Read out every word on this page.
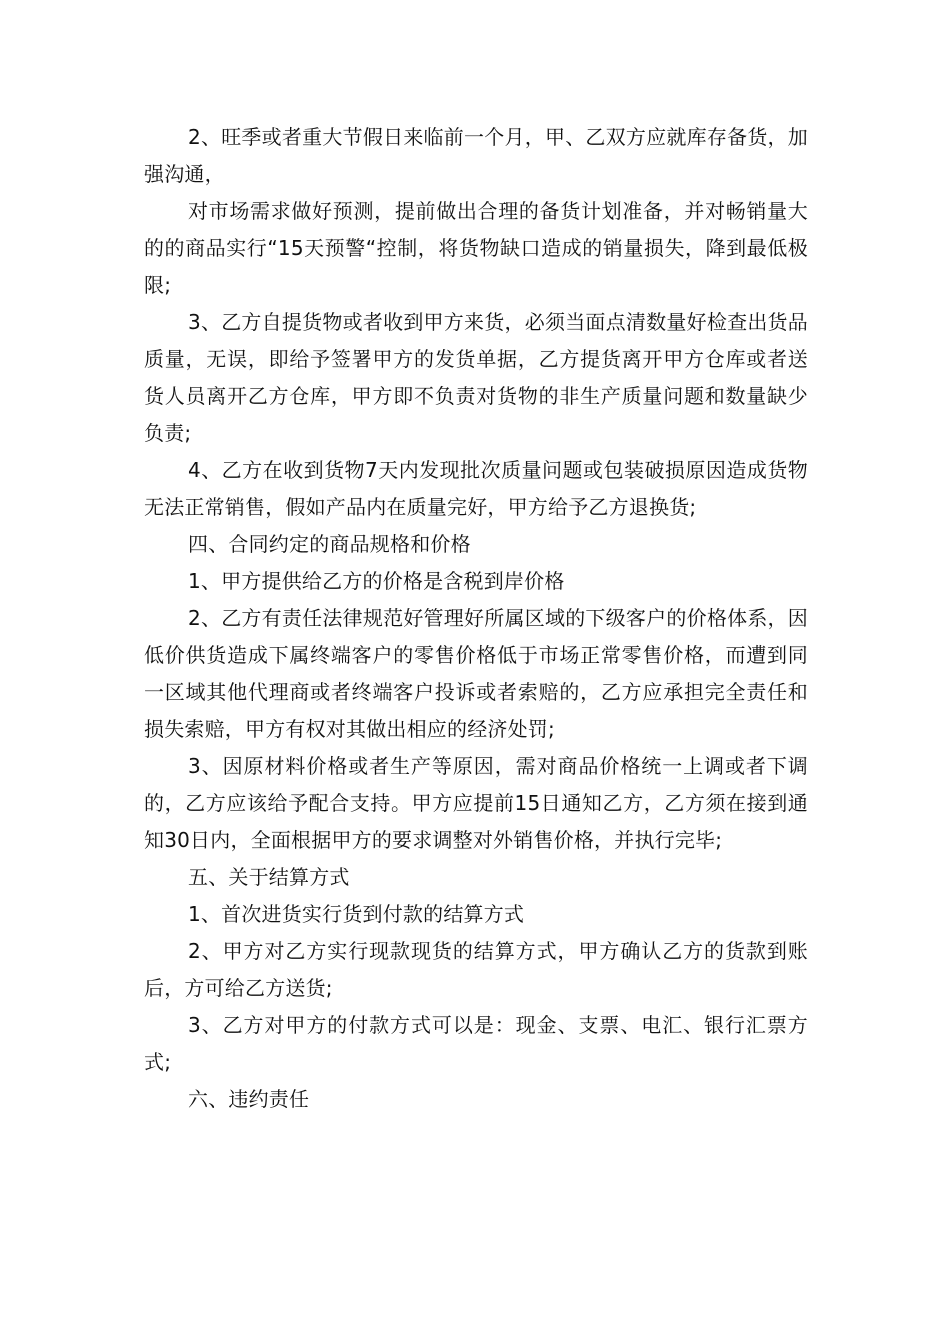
2、旺季或者重大节假日来临前一个月，甲、乙双方应就库存备货，加强沟通，

对市场需求做好预测，提前做出合理的备货计划准备，并对畅销量大的的商品实行“15天预警“控制，将货物缺口造成的销量损失，降到最低极限;

3、乙方自提货物或者收到甲方来货，必须当面点清数量好检查出货品质量，无误，即给予签署甲方的发货单据，乙方提货离开甲方仓库或者送货人员离开乙方仓库，甲方即不负责对货物的非生产质量问题和数量缺少负责;

4、乙方在收到货物7天内发现批次质量问题或包装破损原因造成货物无法正常销售，假如产品内在质量完好，甲方给予乙方退换货;

四、合同约定的商品规格和价格

1、甲方提供给乙方的价格是含税到岸价格

2、乙方有责任法律规范好管理好所属区域的下级客户的价格体系，因低价供货造成下属终端客户的零售价格低于市场正常零售价格，而遭到同一区域其他代理商或者终端客户投诉或者索赔的，乙方应承担完全责任和损失索赔，甲方有权对其做出相应的经济处罚;

3、因原材料价格或者生产等原因，需对商品价格统一上调或者下调的，乙方应该给予配合支持。甲方应提前15日通知乙方，乙方须在接到通知30日内，全面根据甲方的要求调整对外销售价格，并执行完毕;

五、关于结算方式

1、首次进货实行货到付款的结算方式

2、甲方对乙方实行现款现货的结算方式，甲方确认乙方的货款到账后，方可给乙方送货;

3、乙方对甲方的付款方式可以是：现金、支票、电汇、银行汇票方式;

六、违约责任
